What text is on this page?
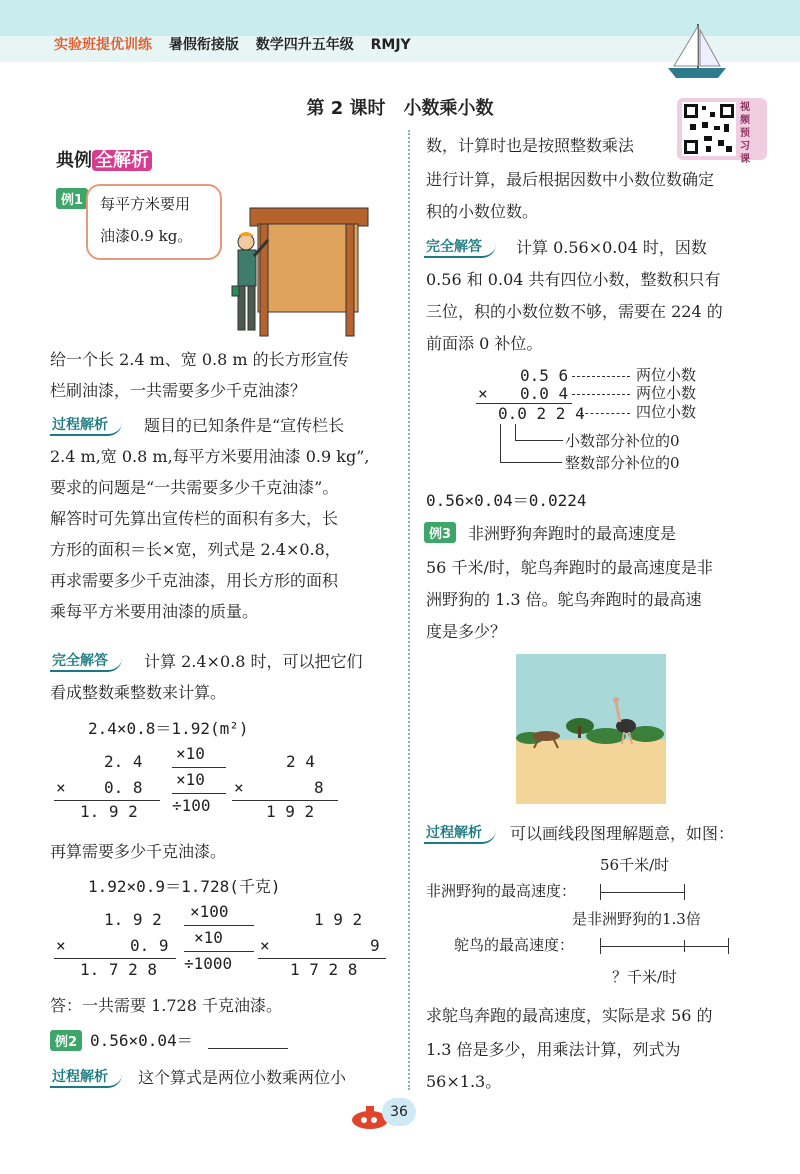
实验班提优训练 暑假衔接版 数学四升五年级 RMJY
第 2 课时　小数乘小数	视
频
预
习
课
典例 全解析
例1	每平方米要用
油漆0.9 kg。
给一个长 2.4 m、宽 0.8 m 的长方形宣传
栏刷油漆，一共需要多少千克油漆？
过程解析	题目的已知条件是“宣传栏长
2.4 m,宽 0.8 m,每平方米要用油漆 0.9 kg”,
要求的问题是“一共需要多少千克油漆”。
解答时可先算出宣传栏的面积有多大，长
方形的面积＝长×宽，列式是 2.4×0.8，
再求需要多少千克油漆，用长方形的面积
乘每平方米要用油漆的质量。
完全解答	计算 2.4×0.8 时，可以把它们
看成整数乘整数来计算。
2.4×0.8＝1.92(m²)
2. 4
× 0. 8
1. 9 2
×10
×10
÷100
2 4
×	8
1 9 2
再算需要多少千克油漆。
1.92×0.9＝1.728(千克)
1. 9 2
×	0. 9
1. 7 2 8
×100
×10
÷1000
1 9 2
×	9
1 7 2 8
答：一共需要 1.728 千克油漆。
例2 0.56×0.04＝
过程解析	这个算式是两位小数乘两位小
数，计算时也是按照整数乘法
进行计算，最后根据因数中小数位数确定
积的小数位数。
完全解答	计算 0.56×0.04 时，因数
0.56 和 0.04 共有四位小数，整数积只有
三位，积的小数位数不够，需要在 224 的
前面添 0 补位。
0.5 6
× 0.0 4
0.0 2 2 4
两位小数
两位小数
四位小数
小数部分补位的0
整数部分补位的0
0.56×0.04＝0.0224
例3	非洲野狗奔跑时的最高速度是
56 千米/时，鸵鸟奔跑时的最高速度是非
洲野狗的 1.3 倍。鸵鸟奔跑时的最高速
度是多少？
过程解析	可以画线段图理解题意，如图：
56千米/时
非洲野狗的最高速度：
是非洲野狗的1.3倍
鸵鸟的最高速度：
？千米/时
求鸵鸟奔跑的最高速度，实际是求 56 的
1.3 倍是多少，用乘法计算，列式为
56×1.3。
36
